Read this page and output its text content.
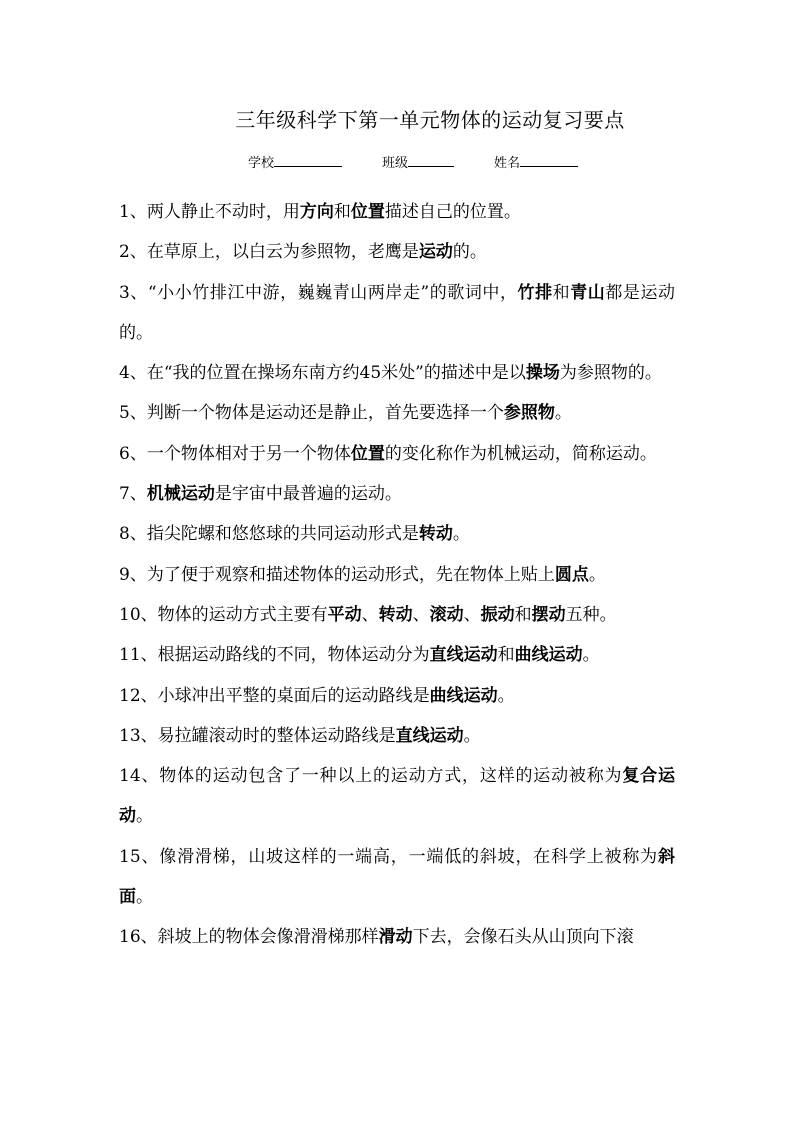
三年级科学下第一单元物体的运动复习要点
学校	班级	姓名
1、两人静止不动时，用方向和位置描述自己的位置。
2、在草原上，以白云为参照物，老鹰是运动的。
3、“小小竹排江中游，巍巍青山两岸走”的歌词中，竹排和青山都是运动的。
4、在“我的位置在操场东南方约45米处”的描述中是以操场为参照物的。
5、判断一个物体是运动还是静止，首先要选择一个参照物。
6、一个物体相对于另一个物体位置的变化称作为机械运动，简称运动。
7、机械运动是宇宙中最普遍的运动。
8、指尖陀螺和悠悠球的共同运动形式是转动。
9、为了便于观察和描述物体的运动形式，先在物体上贴上圆点。
10、物体的运动方式主要有平动、转动、滚动、振动和摆动五种。
11、根据运动路线的不同，物体运动分为直线运动和曲线运动。
12、小球冲出平整的桌面后的运动路线是曲线运动。
13、易拉罐滚动时的整体运动路线是直线运动。
14、物体的运动包含了一种以上的运动方式，这样的运动被称为复合运动。
15、像滑滑梯，山坡这样的一端高，一端低的斜坡，在科学上被称为斜面。
16、斜坡上的物体会像滑滑梯那样滑动下去，会像石头从山顶向下滚
